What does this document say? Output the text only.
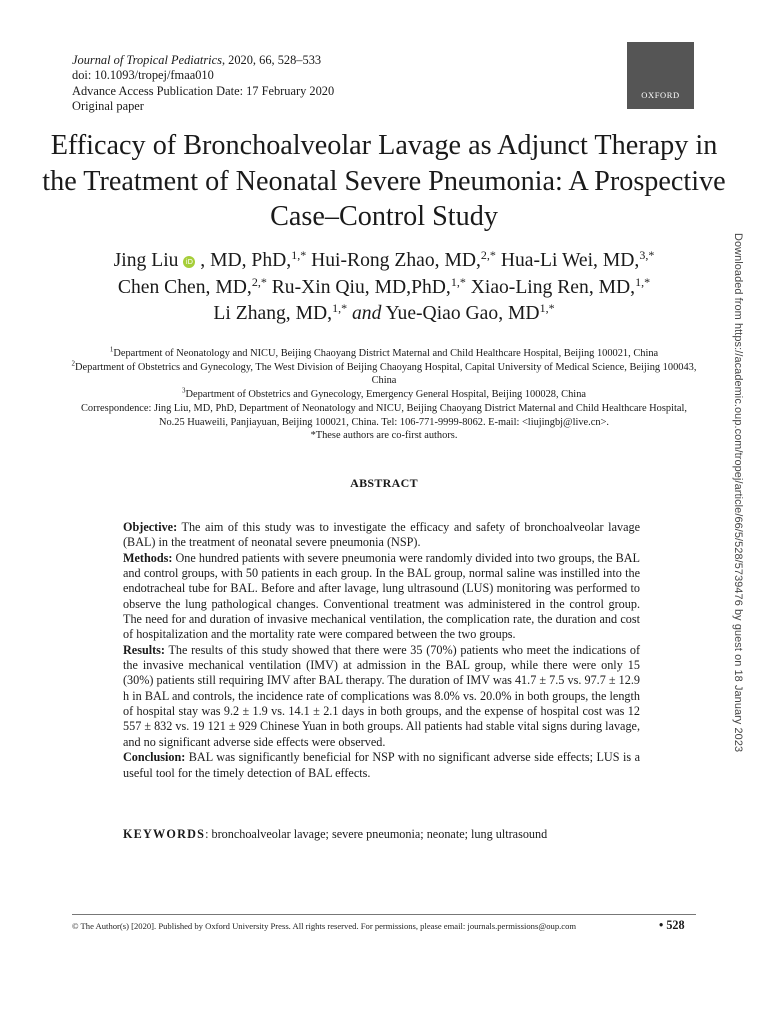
Journal of Tropical Pediatrics, 2020, 66, 528–533
doi: 10.1093/tropej/fmaa010
Advance Access Publication Date: 17 February 2020
Original paper
OXFORD
Efficacy of Bronchoalveolar Lavage as Adjunct Therapy in the Treatment of Neonatal Severe Pneumonia: A Prospective Case–Control Study
Jing Liu iD , MD, PhD,$^{1,*}$ Hui-Rong Zhao, MD,$^{2,*}$ Hua-Li Wei, MD,$^{3,*}$
Chen Chen, MD,$^{2,*}$ Ru-Xin Qiu, MD,PhD,$^{1,*}$ Xiao-Ling Ren, MD,$^{1,*}$
Li Zhang, MD,$^{1,*}$ and Yue-Qiao Gao, $MD^{1,*}$
$^1$Department of Neonatology and NICU, Beijing Chaoyang District Maternal and Child Healthcare Hospital, Beijing 100021, China
$^2$Department of Obstetrics and Gynecology, The West Division of Beijing Chaoyang Hospital, Capital University of Medical Science, Beijing 100043, China
$^3$Department of Obstetrics and Gynecology, Emergency General Hospital, Beijing 100028, China
Correspondence: Jing Liu, MD, PhD, Department of Neonatology and NICU, Beijing Chaoyang District Maternal and Child Healthcare Hospital, No.25 Huaweili, Panjiayuan, Beijing 100021, China. Tel: 106-771-9999-8062. E-mail: <liujingbj@live.cn>.
*These authors are co-first authors.
ABSTRACT

Objective: The aim of this study was to investigate the efficacy and safety of bronchoalveolar lavage (BAL) in the treatment of neonatal severe pneumonia (NSP).

Methods: One hundred patients with severe pneumonia were randomly divided into two groups, the BAL and control groups, with 50 patients in each group. In the BAL group, normal saline was instilled into the endotracheal tube for BAL. Before and after lavage, lung ultrasound (LUS) monitoring was performed to observe the lung pathological changes. Conventional treatment was administered in the control group. The need for and duration of invasive mechanical ventilation, the complication rate, the duration and cost of hospitalization and the mortality rate were compared between the two groups.

Results: The results of this study showed that there were 35 (70%) patients who meet the indications of the invasive mechanical ventilation (IMV) at admission in the BAL group, while there were only 15 (30%) patients still requiring IMV after BAL therapy. The duration of IMV was 41.7 ± 7.5 vs. 97.7 ± 12.9 h in BAL and controls, the incidence rate of complications was 8.0% vs. 20.0% in both groups, the length of hospital stay was 9.2 ± 1.9 vs. 14.1 ± 2.1 days in both groups, and the expense of hospital cost was 12 557 ± 832 vs. 19 121 ± 929 Chinese Yuan in both groups. All patients had stable vital signs during lavage, and no significant adverse side effects were observed.

Conclusion: BAL was significantly beneficial for NSP with no significant adverse side effects; LUS is a useful tool for the timely detection of BAL effects.

KEYWORDS: bronchoalveolar lavage; severe pneumonia; neonate; lung ultrasound
© The Author(s) [2020]. Published by Oxford University Press. All rights reserved. For permissions, please email: journals.permissions@oup.com	• 528
Downloaded from https://academic.oup.com/tropej/article/66/5/528/5739476 by guest on 18 January 2023
